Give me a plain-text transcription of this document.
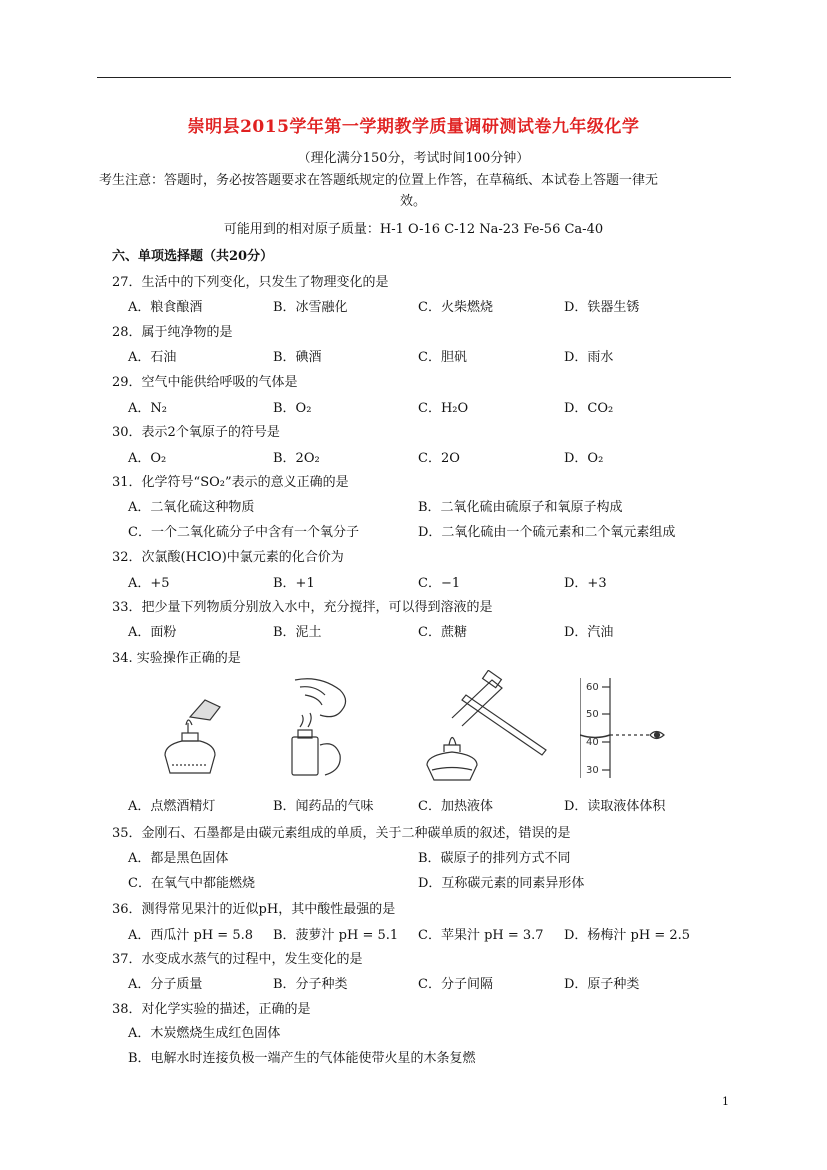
崇明县2015学年第一学期教学质量调研测试卷九年级化学
（理化满分150分，考试时间100分钟）
考生注意：答题时，务必按答题要求在答题纸规定的位置上作答，在草稿纸、本试卷上答题一律无
效。
可能用到的相对原子质量：H-1 O-16 C-12 Na-23 Fe-56 Ca-40
六、单项选择题（共20分）
27．生活中的下列变化，只发生了物理变化的是
A．粮食酿酒	B．冰雪融化	C．火柴燃烧	D．铁器生锈
28．属于纯净物的是
A．石油	B．碘酒	C．胆矾	D．雨水
29．空气中能供给呼吸的气体是
A．N₂	B．O₂	C．H₂O	D．CO₂
30．表示2个氧原子的符号是
A．O₂	B．2O₂	C．2O	D．O₂
31．化学符号“SO₂”表示的意义正确的是
A．二氧化硫这种物质	B．二氧化硫由硫原子和氧原子构成
C．一个二氧化硫分子中含有一个氧分子	D．二氧化硫由一个硫元素和二个氧元素组成
32．次氯酸(HClO)中氯元素的化合价为
A．+5	B．+1	C．−1	D．+3
33．把少量下列物质分别放入水中，充分搅拌，可以得到溶液的是
A．面粉	B．泥土	C．蔗糖	D．汽油
34. 实验操作正确的是
60
50
40
30
A．点燃酒精灯	B．闻药品的气味	C．加热液体	D．读取液体体积
35．金刚石、石墨都是由碳元素组成的单质，关于二种碳单质的叙述，错误的是
A．都是黑色固体	B．碳原子的排列方式不同
C．在氧气中都能燃烧	D．互称碳元素的同素异形体
36．测得常见果汁的近似pH，其中酸性最强的是
A．西瓜汁 pH = 5.8 B．菠萝汁 pH = 5.1 C．苹果汁 pH = 3.7 D．杨梅汁 pH = 2.5
37．水变成水蒸气的过程中，发生变化的是
A．分子质量	B．分子种类	C．分子间隔	D．原子种类
38．对化学实验的描述，正确的是
A．木炭燃烧生成红色固体
B．电解水时连接负极一端产生的气体能使带火星的木条复燃
1
